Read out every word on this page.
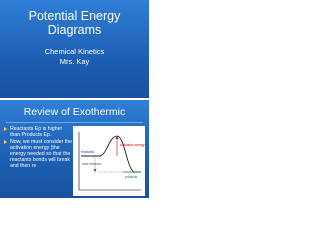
Potential Energy
Diagrams
Chemical Kinetics
Mrs. Kay
Review of Exothermic
Reactants Ep is higher than Products Ep.
Now, we must consider the activation energy (the energy needed so that the reactants bonds will break and then re
Activation energy
reactants
heat released
products
